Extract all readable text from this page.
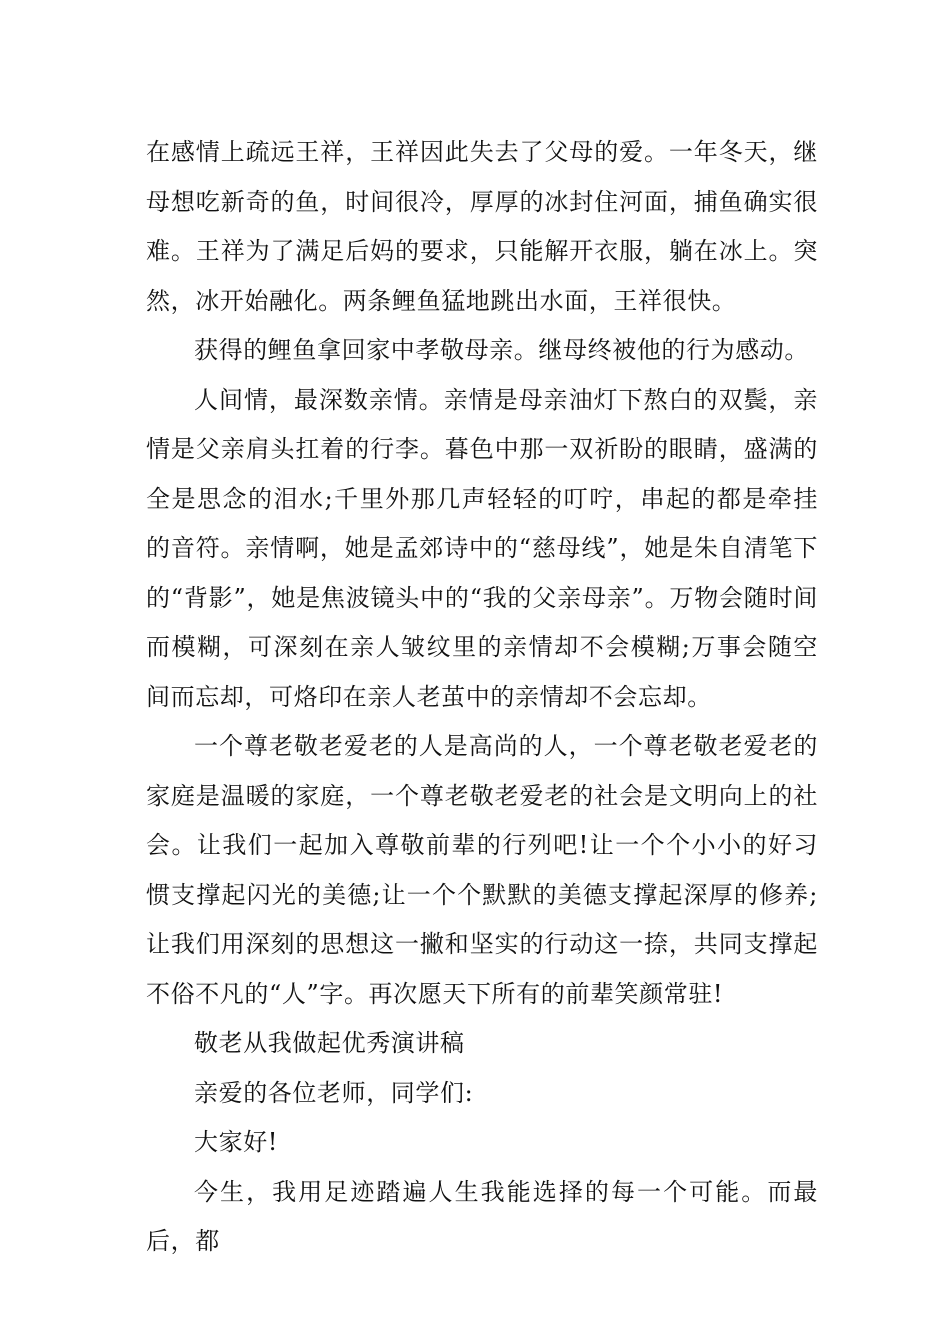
在感情上疏远王祥，王祥因此失去了父母的爱。一年冬天，继母想吃新奇的鱼，时间很冷，厚厚的冰封住河面，捕鱼确实很难。王祥为了满足后妈的要求，只能解开衣服，躺在冰上。突然，冰开始融化。两条鲤鱼猛地跳出水面，王祥很快。

获得的鲤鱼拿回家中孝敬母亲。继母终被他的行为感动。

人间情，最深数亲情。亲情是母亲油灯下熬白的双鬓，亲情是父亲肩头扛着的行李。暮色中那一双祈盼的眼睛，盛满的全是思念的泪水;千里外那几声轻轻的叮咛，串起的都是牵挂的音符。亲情啊，她是孟郊诗中的“慈母线”，她是朱自清笔下的“背影”，她是焦波镜头中的“我的父亲母亲”。万物会随时间而模糊，可深刻在亲人皱纹里的亲情却不会模糊;万事会随空间而忘却，可烙印在亲人老茧中的亲情却不会忘却。

一个尊老敬老爱老的人是高尚的人，一个尊老敬老爱老的家庭是温暖的家庭，一个尊老敬老爱老的社会是文明向上的社会。让我们一起加入尊敬前辈的行列吧!让一个个小小的好习惯支撑起闪光的美德;让一个个默默的美德支撑起深厚的修养;让我们用深刻的思想这一撇和坚实的行动这一捺，共同支撑起不俗不凡的“人”字。再次愿天下所有的前辈笑颜常驻!

敬老从我做起优秀演讲稿

亲爱的各位老师，同学们:

大家好!

今生，我用足迹踏遍人生我能选择的每一个可能。而最后，都
